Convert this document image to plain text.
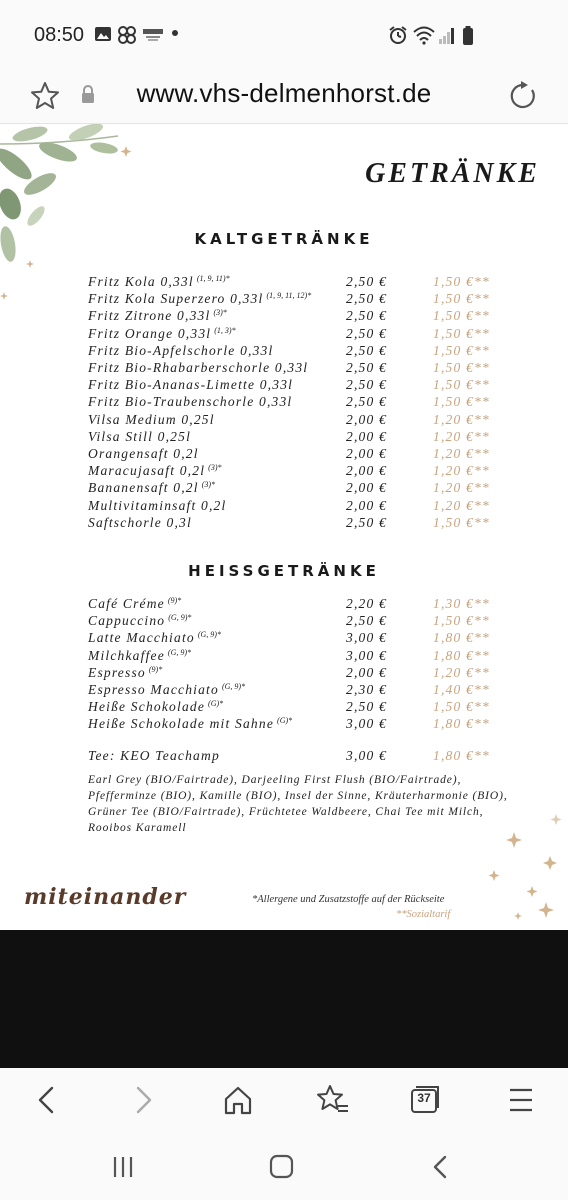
08:50
www.vhs-delmenhorst.de
GETRÄNKE
KALTGETRÄNKE
Fritz Kola 0,33l $^{(1, 9, 11)*}$	2,50 €	1,50 €**
Fritz Kola Superzero 0,33l $^{(1, 9, 11, 12)*}$	2,50 €	1,50 €**
Fritz Zitrone 0,33l $^{(3)*}$	2,50 €	1,50 €**
Fritz Orange 0,33l $^{(1, 3)*}$	2,50 €	1,50 €**
Fritz Bio-Apfelschorle 0,33l	2,50 €	1,50 €**
Fritz Bio-Rhabarberschorle 0,33l	2,50 €	1,50 €**
Fritz Bio-Ananas-Limette 0,33l	2,50 €	1,50 €**
Fritz Bio-Traubenschorle 0,33l	2,50 €	1,50 €**
Vilsa Medium 0,25l	2,00 €	1,20 €**
Vilsa Still 0,25l	2,00 €	1,20 €**
Orangensaft 0,2l	2,00 €	1,20 €**
Maracujasaft 0,2l $^{(3)*}$	2,00 €	1,20 €**
Bananensaft 0,2l $^{(3)*}$	2,00 €	1,20 €**
Multivitaminsaft 0,2l	2,00 €	1,20 €**
Saftschorle 0,3l	2,50 €	1,50 €**
HEISSGETRÄNKE
Café Créme $^{(9)*}$	2,20 €	1,30 €**
Cappuccino $^{(G, 9)*}$	2,50 €	1,50 €**
Latte Macchiato $^{(G, 9)*}$	3,00 €	1,80 €**
Milchkaffee $^{(G, 9)*}$	3,00 €	1,80 €**
Espresso $^{(9)*}$	2,00 €	1,20 €**
Espresso Macchiato $^{(G, 9)*}$	2,30 €	1,40 €**
Heiße Schokolade $^{(G)*}$	2,50 €	1,50 €**
Heiße Schokolade mit Sahne $^{(G)*}$	3,00 €	1,80 €**
Tee: KEO Teachamp	3,00 €	1,80 €**

Earl Grey (BIO/Fairtrade), Darjeeling First Flush (BIO/Fairtrade), Pfefferminze (BIO), Kamille (BIO), Insel der Sinne, Kräuterharmonie (BIO), Grüner Tee (BIO/Fairtrade), Früchtetee Waldbeere, Chai Tee mit Milch, Rooibos Karamell

miteinander	*Allergene und Zusatzstoffe auf der Rückseite
**Sozialtarif
37
